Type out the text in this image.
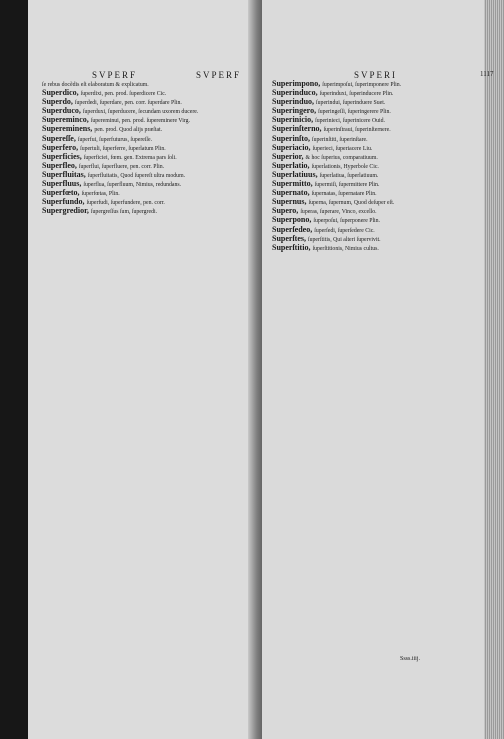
SVPERF	SVPERF	SVPERI	1117

ſe rebus docẽdis eſt elaboratum & explicatum.

Superdico, ſuperdixi, pen. prod. ſuperdicere Cic.

Superdo, ſuperdedi, ſuperdare, pen. corr. ſuperdare Plin.

Superduco, ſuperduxi, ſuperducere, ſecundam uxorem ducere.

Supereminco, ſupereminui, pen. prod. ſupereminere Virg.

Supereminens, pen. prod. Quod alijs præſtat.

Supereſſe, ſuperfui, ſuperfuturus, ſupereſſe.

Superfero, ſupertuli, ſuperferre, ſuperlatum Plin.

Superficies, ſuperficiei, fœm. gen. Extrema pars ſoli.

Superfleo, ſuperflui, ſuperfluere, pen. corr. Plin.

Superfluitas, ſuperfluitatis, Quod ſupereſt ultra modum.

Superfluus, ſuperflua, ſuperfluum, Nimius, redundans.

Superfœto, ſuperfœtas, Plin.

Superfundo, ſuperfudi, ſuperfundere, pen. corr.

Supergredior, ſupergreſſus ſum, ſupergredi.

Superimpono, ſuperimpoſui, ſuperimponere Plin.

Superinduco, ſuperinduxi, ſuperinducere Plin.

Superinduo, ſuperindui, ſuperinduere Suet.

Superingero, ſuperingeſſi, ſuperingerere Plin.

Superinicio, ſuperinieci, ſuperinicere Ouid.

Superinſterno, ſuperinſtraui, ſuperinſternere.

Superinſto, ſuperinſtiti, ſuperinſtare.

Superiacio, ſuperieci, ſuperiacere Liu.

Superior, & hoc ſuperius, comparatiuum.

Superlatio, ſuperlationis, Hyperbole Cic.

Superlatiuus, ſuperlatiua, ſuperlatiuum.

Supermitto, ſupermiſi, ſupermittere Plin.

Supernato, ſupernatas, ſupernatare Plin.

Supernus, ſuperna, ſupernum, Quod deſuper eſt.

Supero, ſuperas, ſuperare, Vinco, excello.

Superpono, ſuperpoſui, ſuperponere Plin.

Superſedeo, ſuperſedi, ſuperſedere Cic.

Superſtes, ſuperſtitis, Qui alteri ſupervivit.

Superſtitio, ſuperſtitionis, Nimius cultus.

Ssss.iiij.
